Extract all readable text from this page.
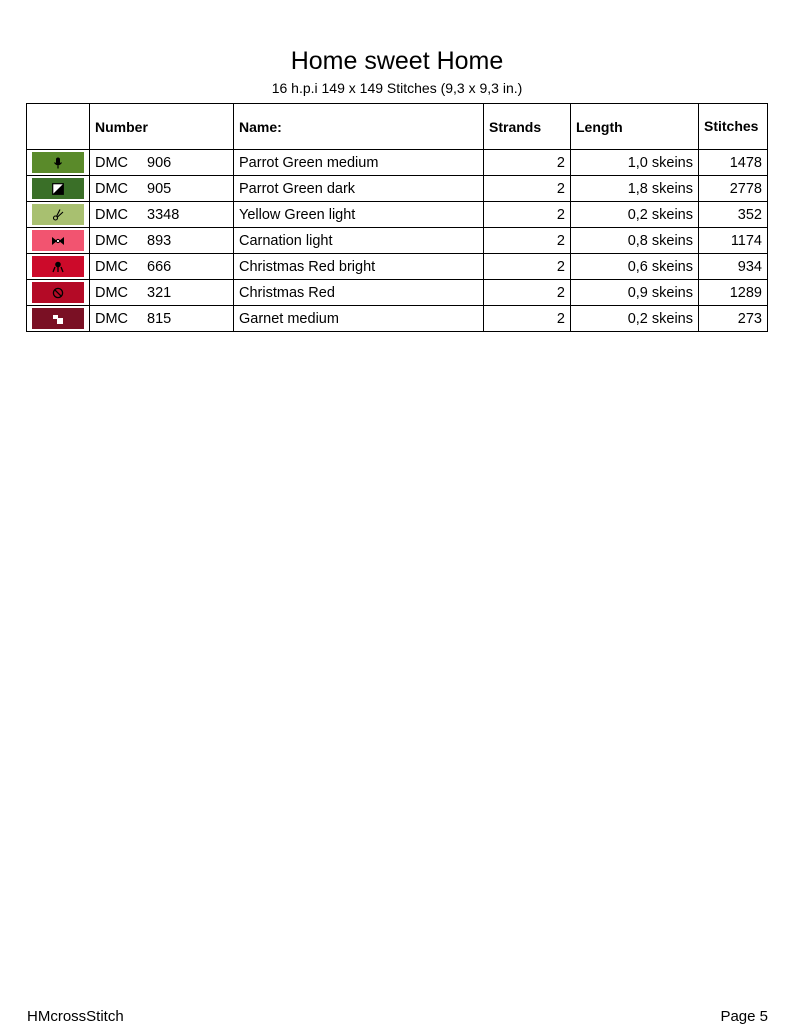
Home sweet Home
16 h.p.i 149 x 149 Stitches (9,3 x 9,3 in.)
	Number	Name:	Strands	Length	Stitches

	DMC 906	Parrot Green medium	2	1,0 skeins	1478

	DMC 905	Parrot Green dark	2	1,8 skeins	2778

	DMC 3348	Yellow Green light	2	0,2 skeins	352

	DMC 893	Carnation light	2	0,8 skeins	1174

	DMC 666	Christmas Red bright	2	0,6 skeins	934

	DMC 321	Christmas Red	2	0,9 skeins	1289

	DMC 815	Garnet medium	2	0,2 skeins	273
HMcrossStitch	Page 5
